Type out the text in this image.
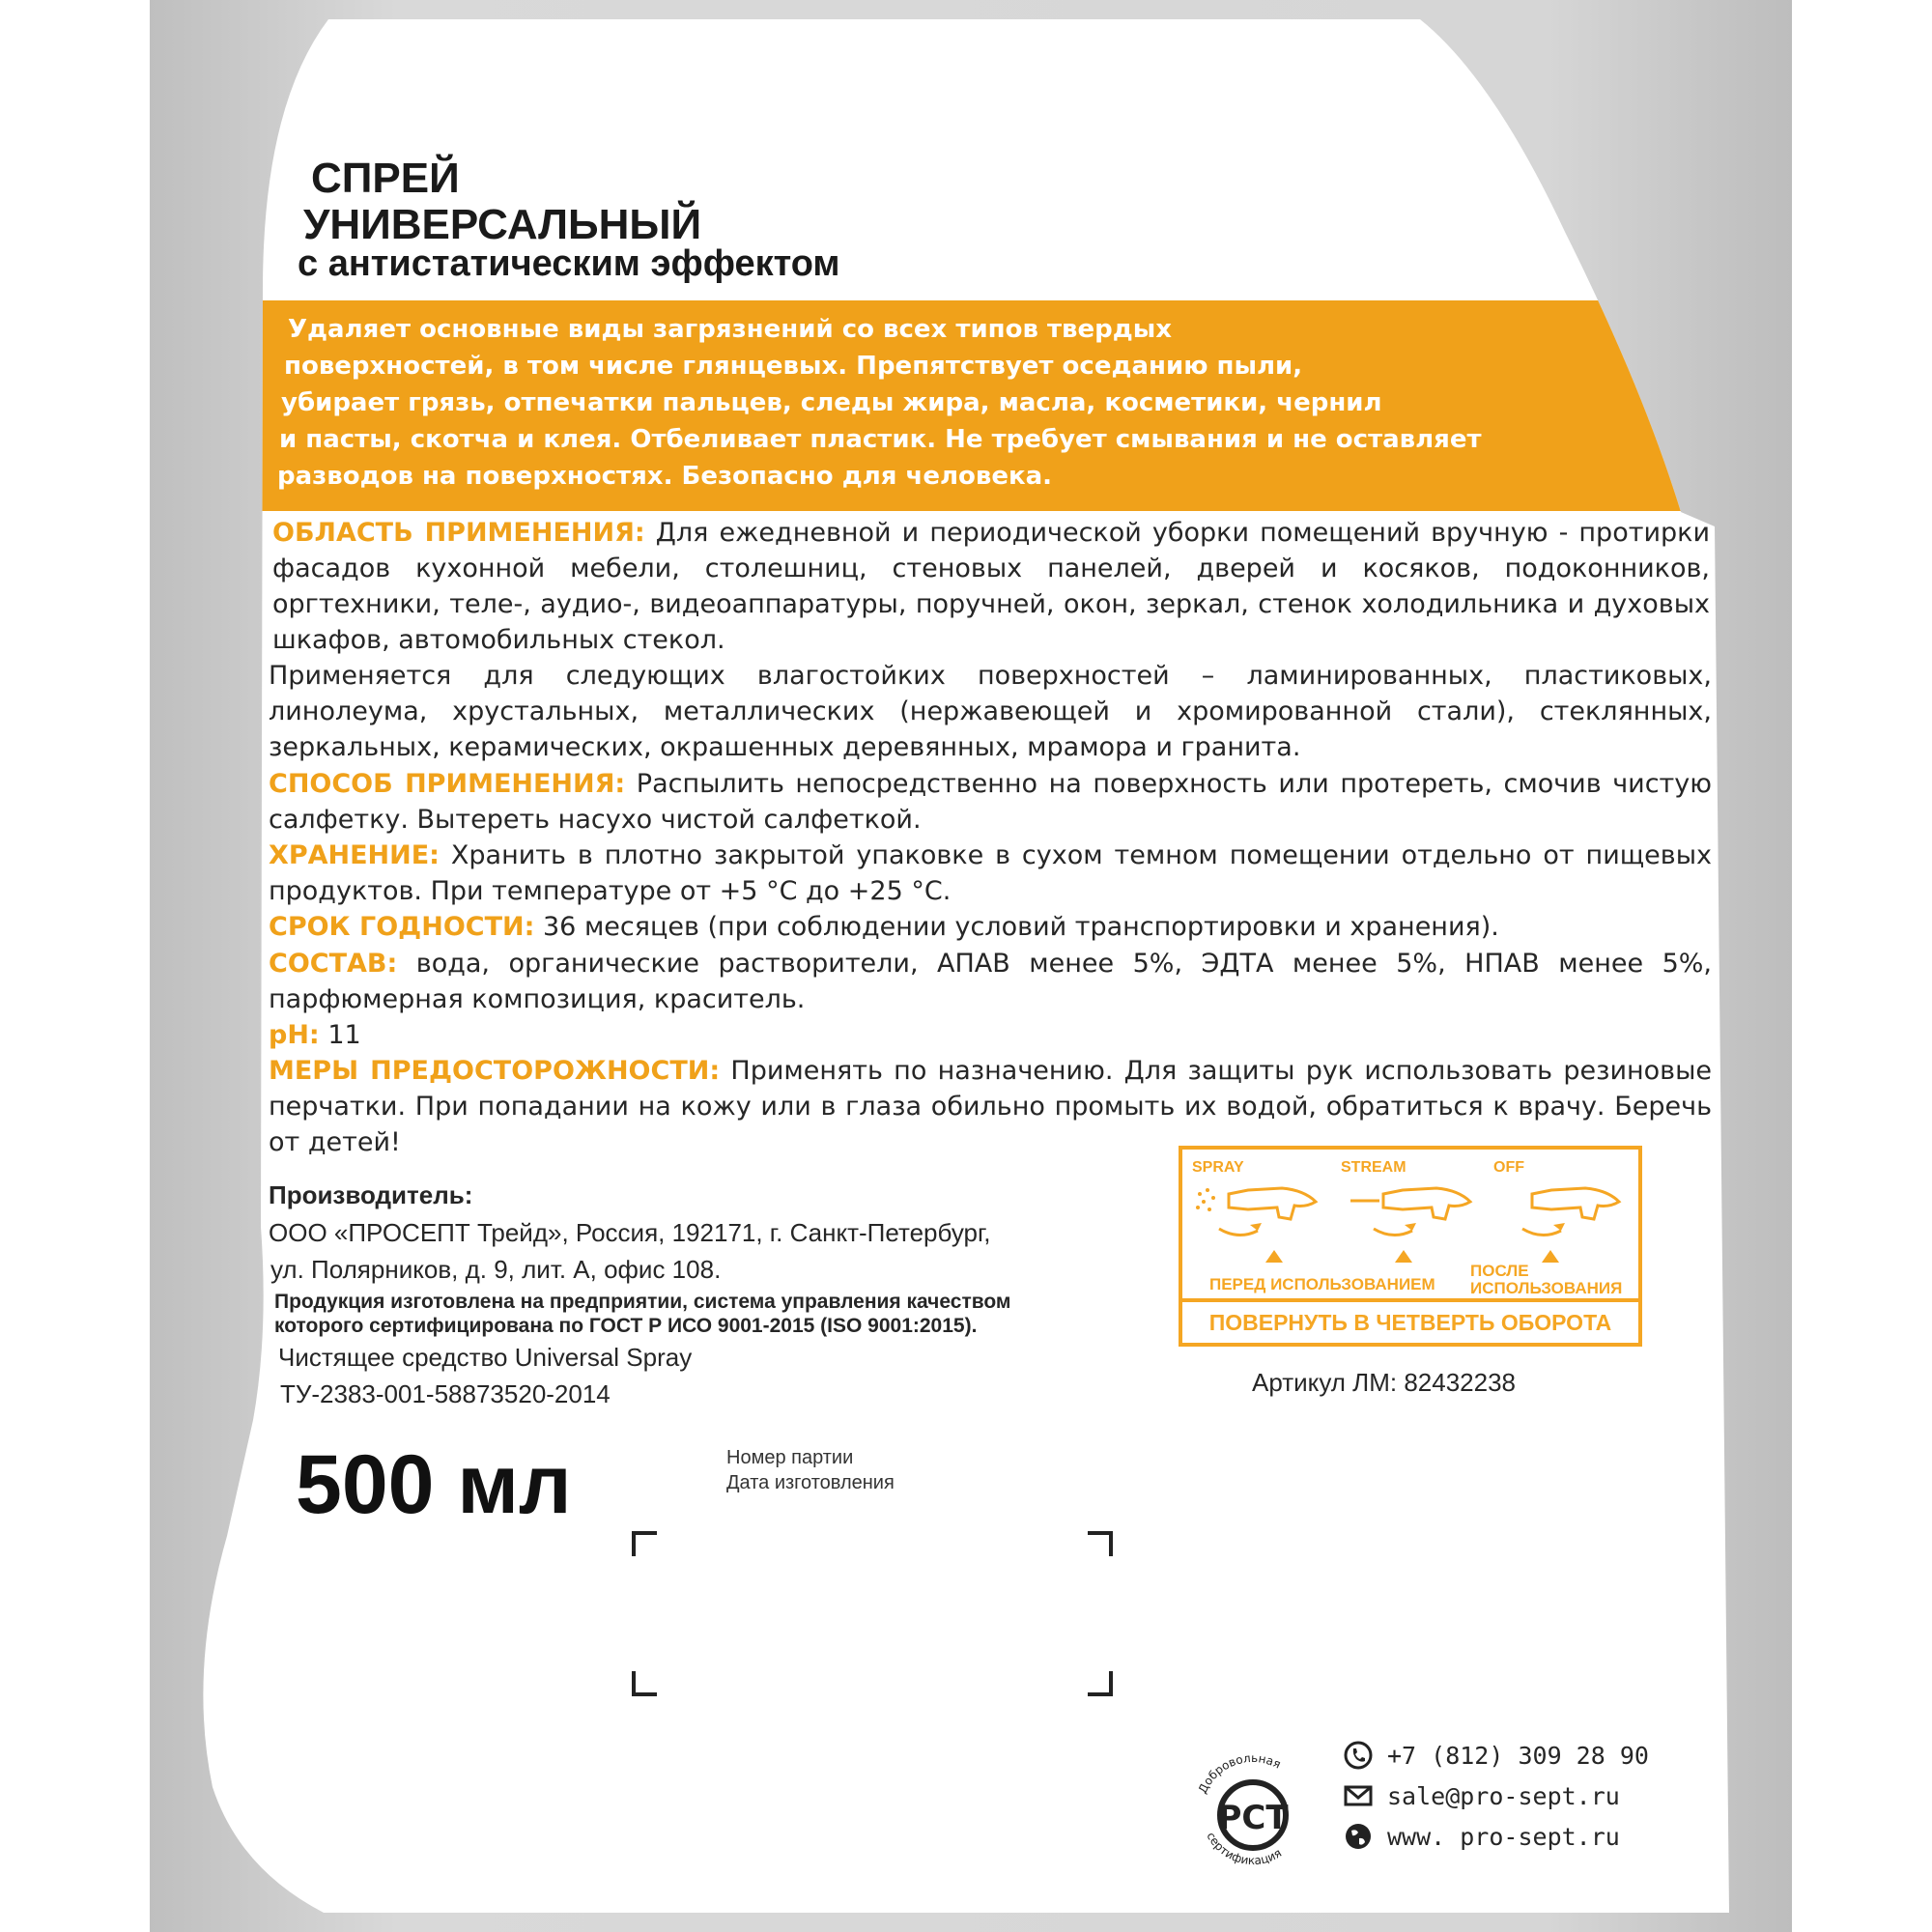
СПРЕЙ
УНИВЕРСАЛЬНЫЙ
с антистатическим эффектом
Удаляет основные виды загрязнений со всех типов твердых
поверхностей, в том числе глянцевых. Препятствует оседанию пыли,
убирает грязь, отпечатки пальцев, следы жира, масла, косметики, чернил
и пасты, скотча и клея. Отбеливает пластик. Не требует смывания и не оставляет
разводов на поверхностях. Безопасно для человека.

ОБЛАСТЬ ПРИМЕНЕНИЯ: Для ежедневной и периодической уборки помещений вручную - протирки фасадов кухонной мебели, столешниц, стеновых панелей, дверей и косяков, подоконников, оргтехники, теле-, аудио-, видеоаппаратуры, поручней, окон, зеркал, стенок холодильника и духовых шкафов, автомобильных стекол.

Применяется для следующих влагостойких поверхностей – ламинированных, пластиковых, линолеума, хрустальных, металлических (нержавеющей и хромированной стали), стеклянных, зеркальных, керамических, окрашенных деревянных, мрамора и гранита.

СПОСОБ ПРИМЕНЕНИЯ: Распылить непосредственно на поверхность или протереть, смочив чистую салфетку. Вытереть насухо чистой салфеткой.

ХРАНЕНИЕ: Хранить в плотно закрытой упаковке в сухом темном помещении отдельно от пищевых продуктов. При температуре от +5 °С до +25 °С.

СРОК ГОДНОСТИ: 36 месяцев (при соблюдении условий транспортировки и хранения).

СОСТАВ: вода, органические растворители, АПАВ менее 5%, ЭДТА менее 5%, НПАВ менее 5%, парфюмерная композиция, краситель.

pH: 11

МЕРЫ ПРЕДОСТОРОЖНОСТИ: Применять по назначению. Для защиты рук использовать резиновые перчатки. При попадании на кожу или в глаза обильно промыть их водой, обратиться к врачу. Беречь от детей!

Производитель:
ООО «ПРОСЕПТ Трейд», Россия, 192171, г. Санкт-Петербург,
ул. Полярников, д. 9, лит. А, офис 108.
Продукция изготовлена на предприятии, система управления качеством
которого сертифицирована по ГОСТ Р ИСО 9001-2015 (ISO 9001:2015).
Чистящее средство Universal Spray
ТУ-2383-001-58873520-2014
500 мл	Номер партии
Дата изготовления
SPRAY	STREAM	OFF
ПЕРЕД ИСПОЛЬЗОВАНИЕМ
ПОСЛЕ
ИСПОЛЬЗОВАНИЯ
ПОВЕРНУТЬ В ЧЕТВЕРТЬ ОБОРОТА
Артикул ЛМ: 82432238
Добровольная
сертификация
РСТ
+7 (812) 309 28 90
sale@pro-sept.ru
www. pro-sept.ru
